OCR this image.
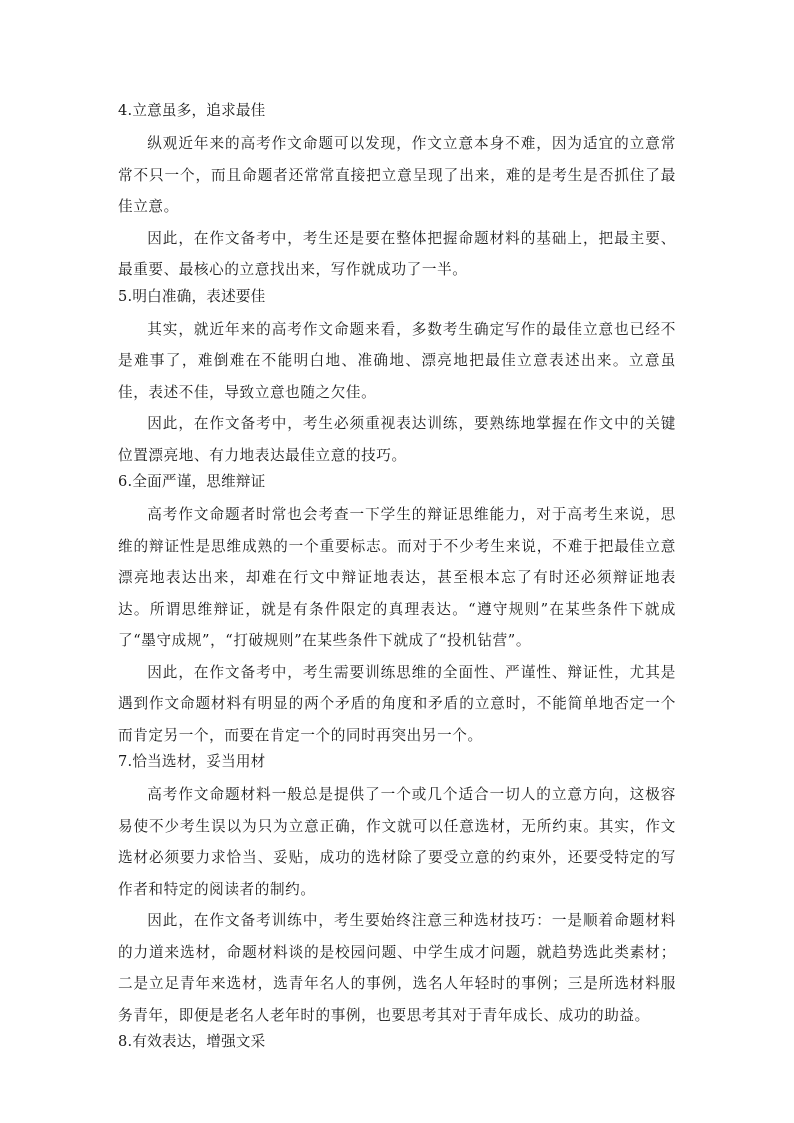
4.立意虽多，追求最佳

纵观近年来的高考作文命题可以发现，作文立意本身不难，因为适宜的立意常常不只一个，而且命题者还常常直接把立意呈现了出来，难的是考生是否抓住了最佳立意。

因此，在作文备考中，考生还是要在整体把握命题材料的基础上，把最主要、最重要、最核心的立意找出来，写作就成功了一半。

5.明白准确，表述要佳

其实，就近年来的高考作文命题来看，多数考生确定写作的最佳立意也已经不是难事了，难倒难在不能明白地、准确地、漂亮地把最佳立意表述出来。立意虽佳，表述不佳，导致立意也随之欠佳。

因此，在作文备考中，考生必须重视表达训练，要熟练地掌握在作文中的关键位置漂亮地、有力地表达最佳立意的技巧。

6.全面严谨，思维辩证

高考作文命题者时常也会考查一下学生的辩证思维能力，对于高考生来说，思维的辩证性是思维成熟的一个重要标志。而对于不少考生来说，不难于把最佳立意漂亮地表达出来，却难在行文中辩证地表达，甚至根本忘了有时还必须辩证地表达。所谓思维辩证，就是有条件限定的真理表达。“遵守规则”在某些条件下就成了“墨守成规”，“打破规则”在某些条件下就成了“投机钻营”。

因此，在作文备考中，考生需要训练思维的全面性、严谨性、辩证性，尤其是遇到作文命题材料有明显的两个矛盾的角度和矛盾的立意时，不能简单地否定一个而肯定另一个，而要在肯定一个的同时再突出另一个。

7.恰当选材，妥当用材

高考作文命题材料一般总是提供了一个或几个适合一切人的立意方向，这极容易使不少考生误以为只为立意正确，作文就可以任意选材，无所约束。其实，作文选材必须要力求恰当、妥贴，成功的选材除了要受立意的约束外，还要受特定的写作者和特定的阅读者的制约。

因此，在作文备考训练中，考生要始终注意三种选材技巧：一是顺着命题材料的力道来选材，命题材料谈的是校园问题、中学生成才问题，就趋势选此类素材；二是立足青年来选材，选青年名人的事例，选名人年轻时的事例；三是所选材料服务青年，即便是老名人老年时的事例，也要思考其对于青年成长、成功的助益。

8.有效表达，增强文采
